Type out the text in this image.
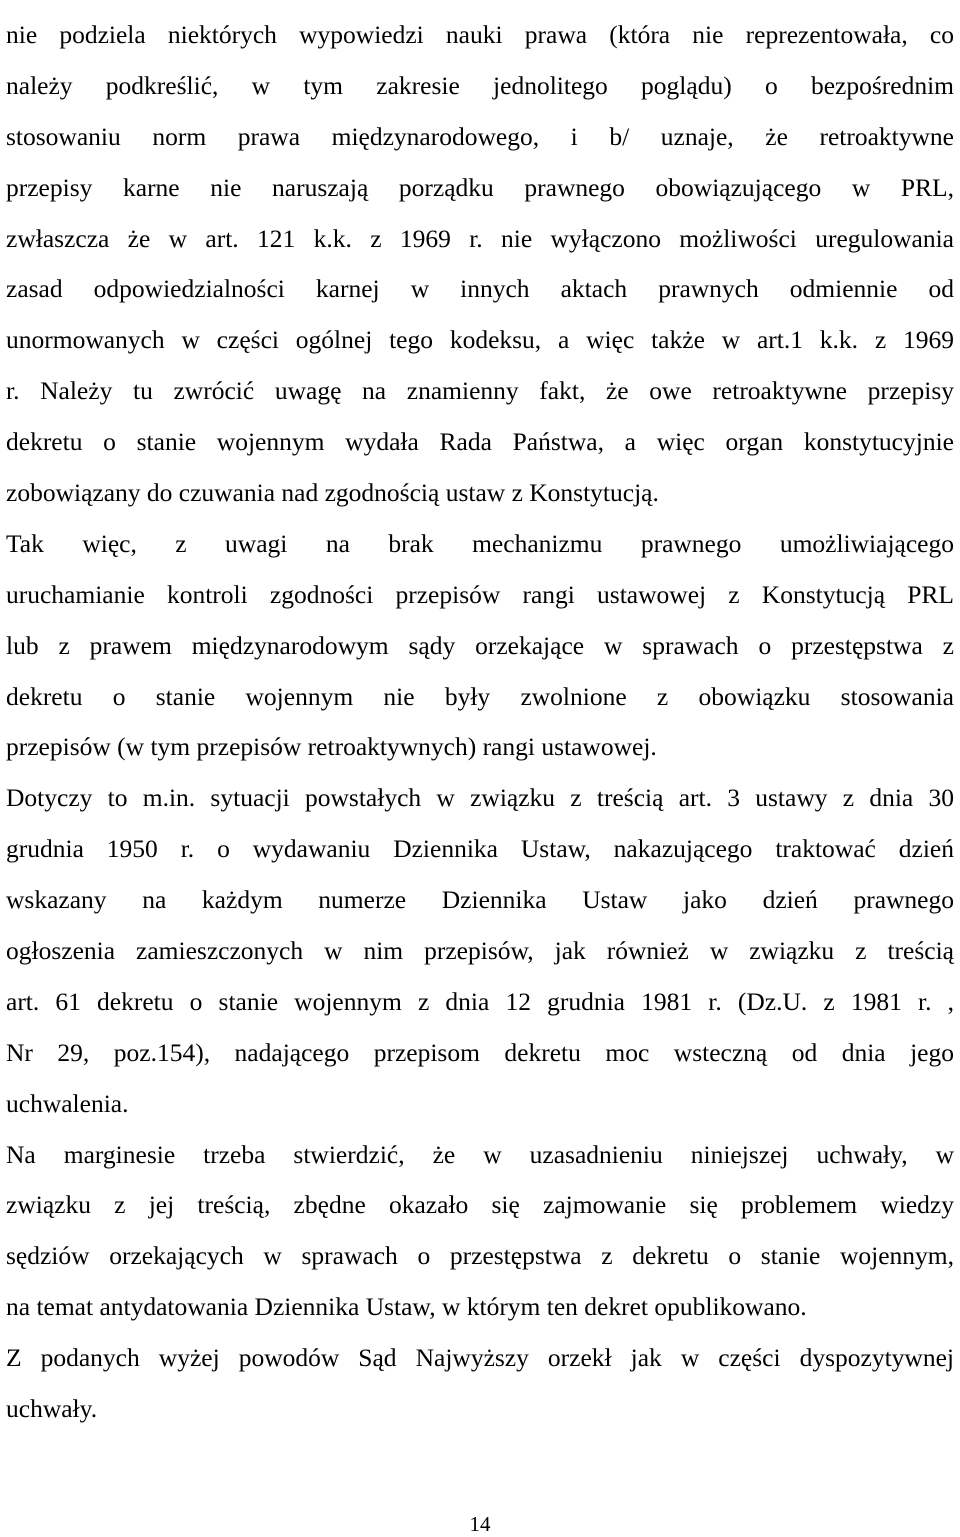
nie podziela niektórych wypowiedzi nauki prawa (która nie reprezentowała, co
należy podkreślić, w tym zakresie jednolitego poglądu) o bezpośrednim
stosowaniu norm prawa międzynarodowego, i b/ uznaje, że retroaktywne
przepisy karne nie naruszają porządku prawnego obowiązującego w PRL,
zwłaszcza że w art. 121 k.k. z 1969 r. nie wyłączono możliwości uregulowania
zasad odpowiedzialności karnej w innych aktach prawnych odmiennie od
unormowanych w części ogólnej tego kodeksu, a więc także w art.1 k.k. z 1969
r. Należy tu zwrócić uwagę na znamienny fakt, że owe retroaktywne przepisy
dekretu o stanie wojennym wydała Rada Państwa, a więc organ konstytucyjnie
zobowiązany do czuwania nad zgodnością ustaw z Konstytucją.
Tak więc, z uwagi na brak mechanizmu prawnego umożliwiającego
uruchamianie kontroli zgodności przepisów rangi ustawowej z Konstytucją PRL
lub z prawem międzynarodowym sądy orzekające w sprawach o przestępstwa z
dekretu o stanie wojennym nie były zwolnione z obowiązku stosowania
przepisów (w tym przepisów retroaktywnych) rangi ustawowej.
Dotyczy to m.in. sytuacji powstałych w związku z treścią art. 3 ustawy z dnia 30
grudnia 1950 r. o wydawaniu Dziennika Ustaw, nakazującego traktować dzień
wskazany na każdym numerze Dziennika Ustaw jako dzień prawnego
ogłoszenia zamieszczonych w nim przepisów, jak również w związku z treścią
art. 61 dekretu o stanie wojennym z dnia 12 grudnia 1981 r. (Dz.U. z 1981 r. ,
Nr 29, poz.154), nadającego przepisom dekretu moc wsteczną od dnia jego
uchwalenia.
Na marginesie trzeba stwierdzić, że w uzasadnieniu niniejszej uchwały, w
związku z jej treścią, zbędne okazało się zajmowanie się problemem wiedzy
sędziów orzekających w sprawach o przestępstwa z dekretu o stanie wojennym,
na temat antydatowania Dziennika Ustaw, w którym ten dekret opublikowano.
Z podanych wyżej powodów Sąd Najwyższy orzekł jak w części dyspozytywnej
uchwały.
14
